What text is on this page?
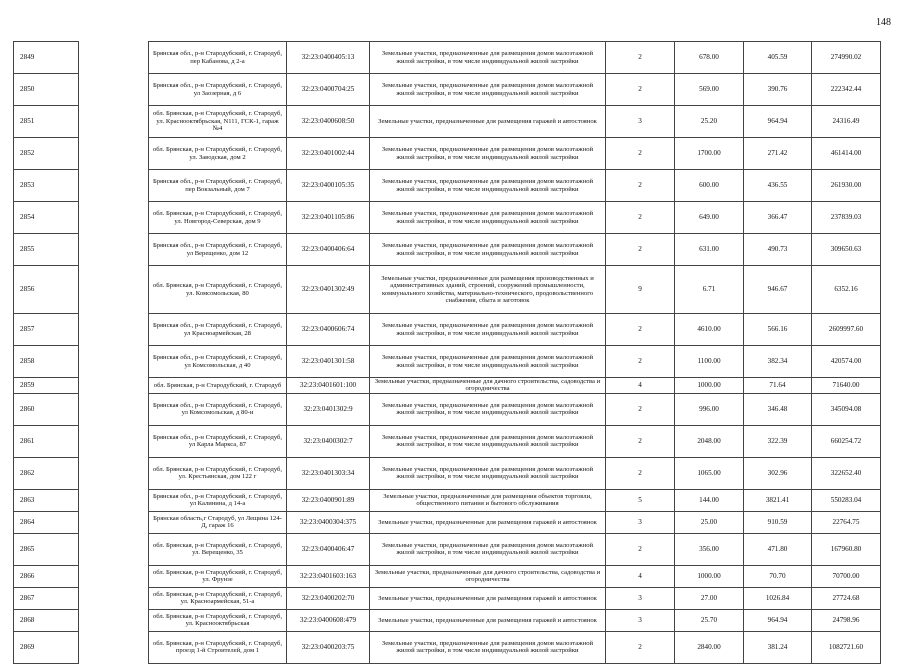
148
2849		Брянская обл., р-н Стародубский, г. Стародуб, пер Кабанова, д 2-а	32:23:0400405:13	Земельные участки, предназначенные для размещения домов малоэтажной жилой застройки, в том числе индивидуальной жилой застройки	2	678.00	405.59	274990.02
2850		Брянская обл., р-н Стародубский, г. Стародуб, ул Заозерная, д 6	32:23:0400704:25	Земельные участки, предназначенные для размещения домов малоэтажной жилой застройки, в том числе индивидуальной жилой застройки	2	569.00	390.76	222342.44
2851		обл. Брянская, р-н Стародубский, г. Стародуб, ул. Краснооктябрьская, N111, ГСК-1, гараж №4	32:23:0400608:50	Земельные участки, предназначенные для размещения гаражей и автостоянок	3	25.20	964.94	24316.49
2852		обл. Брянская, р-н Стародубский, г. Стародуб, ул. Заводская, дом 2	32:23:0401002:44	Земельные участки, предназначенные для размещения домов малоэтажной жилой застройки, в том числе индивидуальной жилой застройки	2	1700.00	271.42	461414.00
2853		Брянская обл., р-н Стародубский, г. Стародуб, пер Вокзальный, дом 7	32:23:0400105:35	Земельные участки, предназначенные для размещения домов малоэтажной жилой застройки, в том числе индивидуальной жилой застройки	2	600.00	436.55	261930.00
2854		обл. Брянская, р-н Стародубский, г. Стародуб, ул. Новгород-Северская, дом 9	32:23:0401105:86	Земельные участки, предназначенные для размещения домов малоэтажной жилой застройки, в том числе индивидуальной жилой застройки	2	649.00	366.47	237839.03
2855		Брянская обл., р-н Стародубский, г. Стародуб, ул Верещенко, дом 12	32:23:0400406:64	Земельные участки, предназначенные для размещения домов малоэтажной жилой застройки, в том числе индивидуальной жилой застройки	2	631.00	490.73	309650.63
2856		обл. Брянская, р-н Стародубский, г. Стародуб, ул. Комсомольская, 80	32:23:0401302:49	Земельные участки, предназначенные для размещения производственных и административных зданий, строений, сооружений промышленности, коммунального хозяйства, материально-технического, продовольственного снабжения, сбыта и заготовок	9	6.71	946.67	6352.16
2857		Брянская обл., р-н Стародубский, г. Стародуб, ул Красноармейская, 28	32:23:0400606:74	Земельные участки, предназначенные для размещения домов малоэтажной жилой застройки, в том числе индивидуальной жилой застройки	2	4610.00	566.16	2609997.60
2858		Брянская обл., р-н Стародубский, г. Стародуб, ул Комсомольская, д 40	32:23:0401301:58	Земельные участки, предназначенные для размещения домов малоэтажной жилой застройки, в том числе индивидуальной жилой застройки	2	1100.00	382.34	420574.00
2859		обл. Брянская, р-н Стародубский, г. Стародуб	32:23:0401601:100	Земельные участки, предназначенные для дачного строительства, садоводства и огородничества	4	1000.00	71.64	71640.00
2860		Брянская обл., р-н Стародубский, г. Стародуб, ул Комсомольская, д 80-и	32:23:0401302:9	Земельные участки, предназначенные для размещения домов малоэтажной жилой застройки, в том числе индивидуальной жилой застройки	2	996.00	346.48	345094.08
2861		Брянская обл., р-н Стародубский, г. Стародуб, ул Карла Маркса, 87	32:23:0400302:7	Земельные участки, предназначенные для размещения домов малоэтажной жилой застройки, в том числе индивидуальной жилой застройки	2	2048.00	322.39	660254.72
2862		обл. Брянская, р-н Стародубский, г. Стародуб, ул. Крестьянская, дом 122 г	32:23:0401303:34	Земельные участки, предназначенные для размещения домов малоэтажной жилой застройки, в том числе индивидуальной жилой застройки	2	1065.00	302.96	322652.40
2863		Брянская обл., р-н Стародубский, г. Стародуб, ул Калинина, д 14-а	32:23:0400901:89	Земельные участки, предназначенные для размещения объектов торговли, общественного питания и бытового обслуживания	5	144.00	3821.41	550283.04
2864		Брянская область,г Стародуб, ул Лещина 124-Д, гараж 16	32:23:0400304:375	Земельные участки, предназначенные для размещения гаражей и автостоянок	3	25.00	910.59	22764.75
2865		обл. Брянская, р-н Стародубский, г. Стародуб, ул. Верещенко, 35	32:23:0400406:47	Земельные участки, предназначенные для размещения домов малоэтажной жилой застройки, в том числе индивидуальной жилой застройки	2	356.00	471.80	167960.80
2866		обл. Брянская, р-н Стародубский, г. Стародуб, ул. Фрунзе	32:23:0401603:163	Земельные участки, предназначенные для дачного строительства, садоводства и огородничества	4	1000.00	70.70	70700.00
2867		обл. Брянская, р-н Стародубский, г. Стародуб, ул. Красноармейская, 51-а	32:23:0400202:70	Земельные участки, предназначенные для размещения гаражей и автостоянок	3	27.00	1026.84	27724.68
2868		обл. Брянская, р-н Стародубский, г. Стародуб, ул. Краснооктябрьская	32:23:0400608:479	Земельные участки, предназначенные для размещения гаражей и автостоянок	3	25.70	964.94	24798.96
2869		обл. Брянская, р-н Стародубский, г. Стародуб, проезд 1-й Строителей, дом 1	32:23:0400203:75	Земельные участки, предназначенные для размещения домов малоэтажной жилой застройки, в том числе индивидуальной жилой застройки	2	2840.00	381.24	1082721.60
